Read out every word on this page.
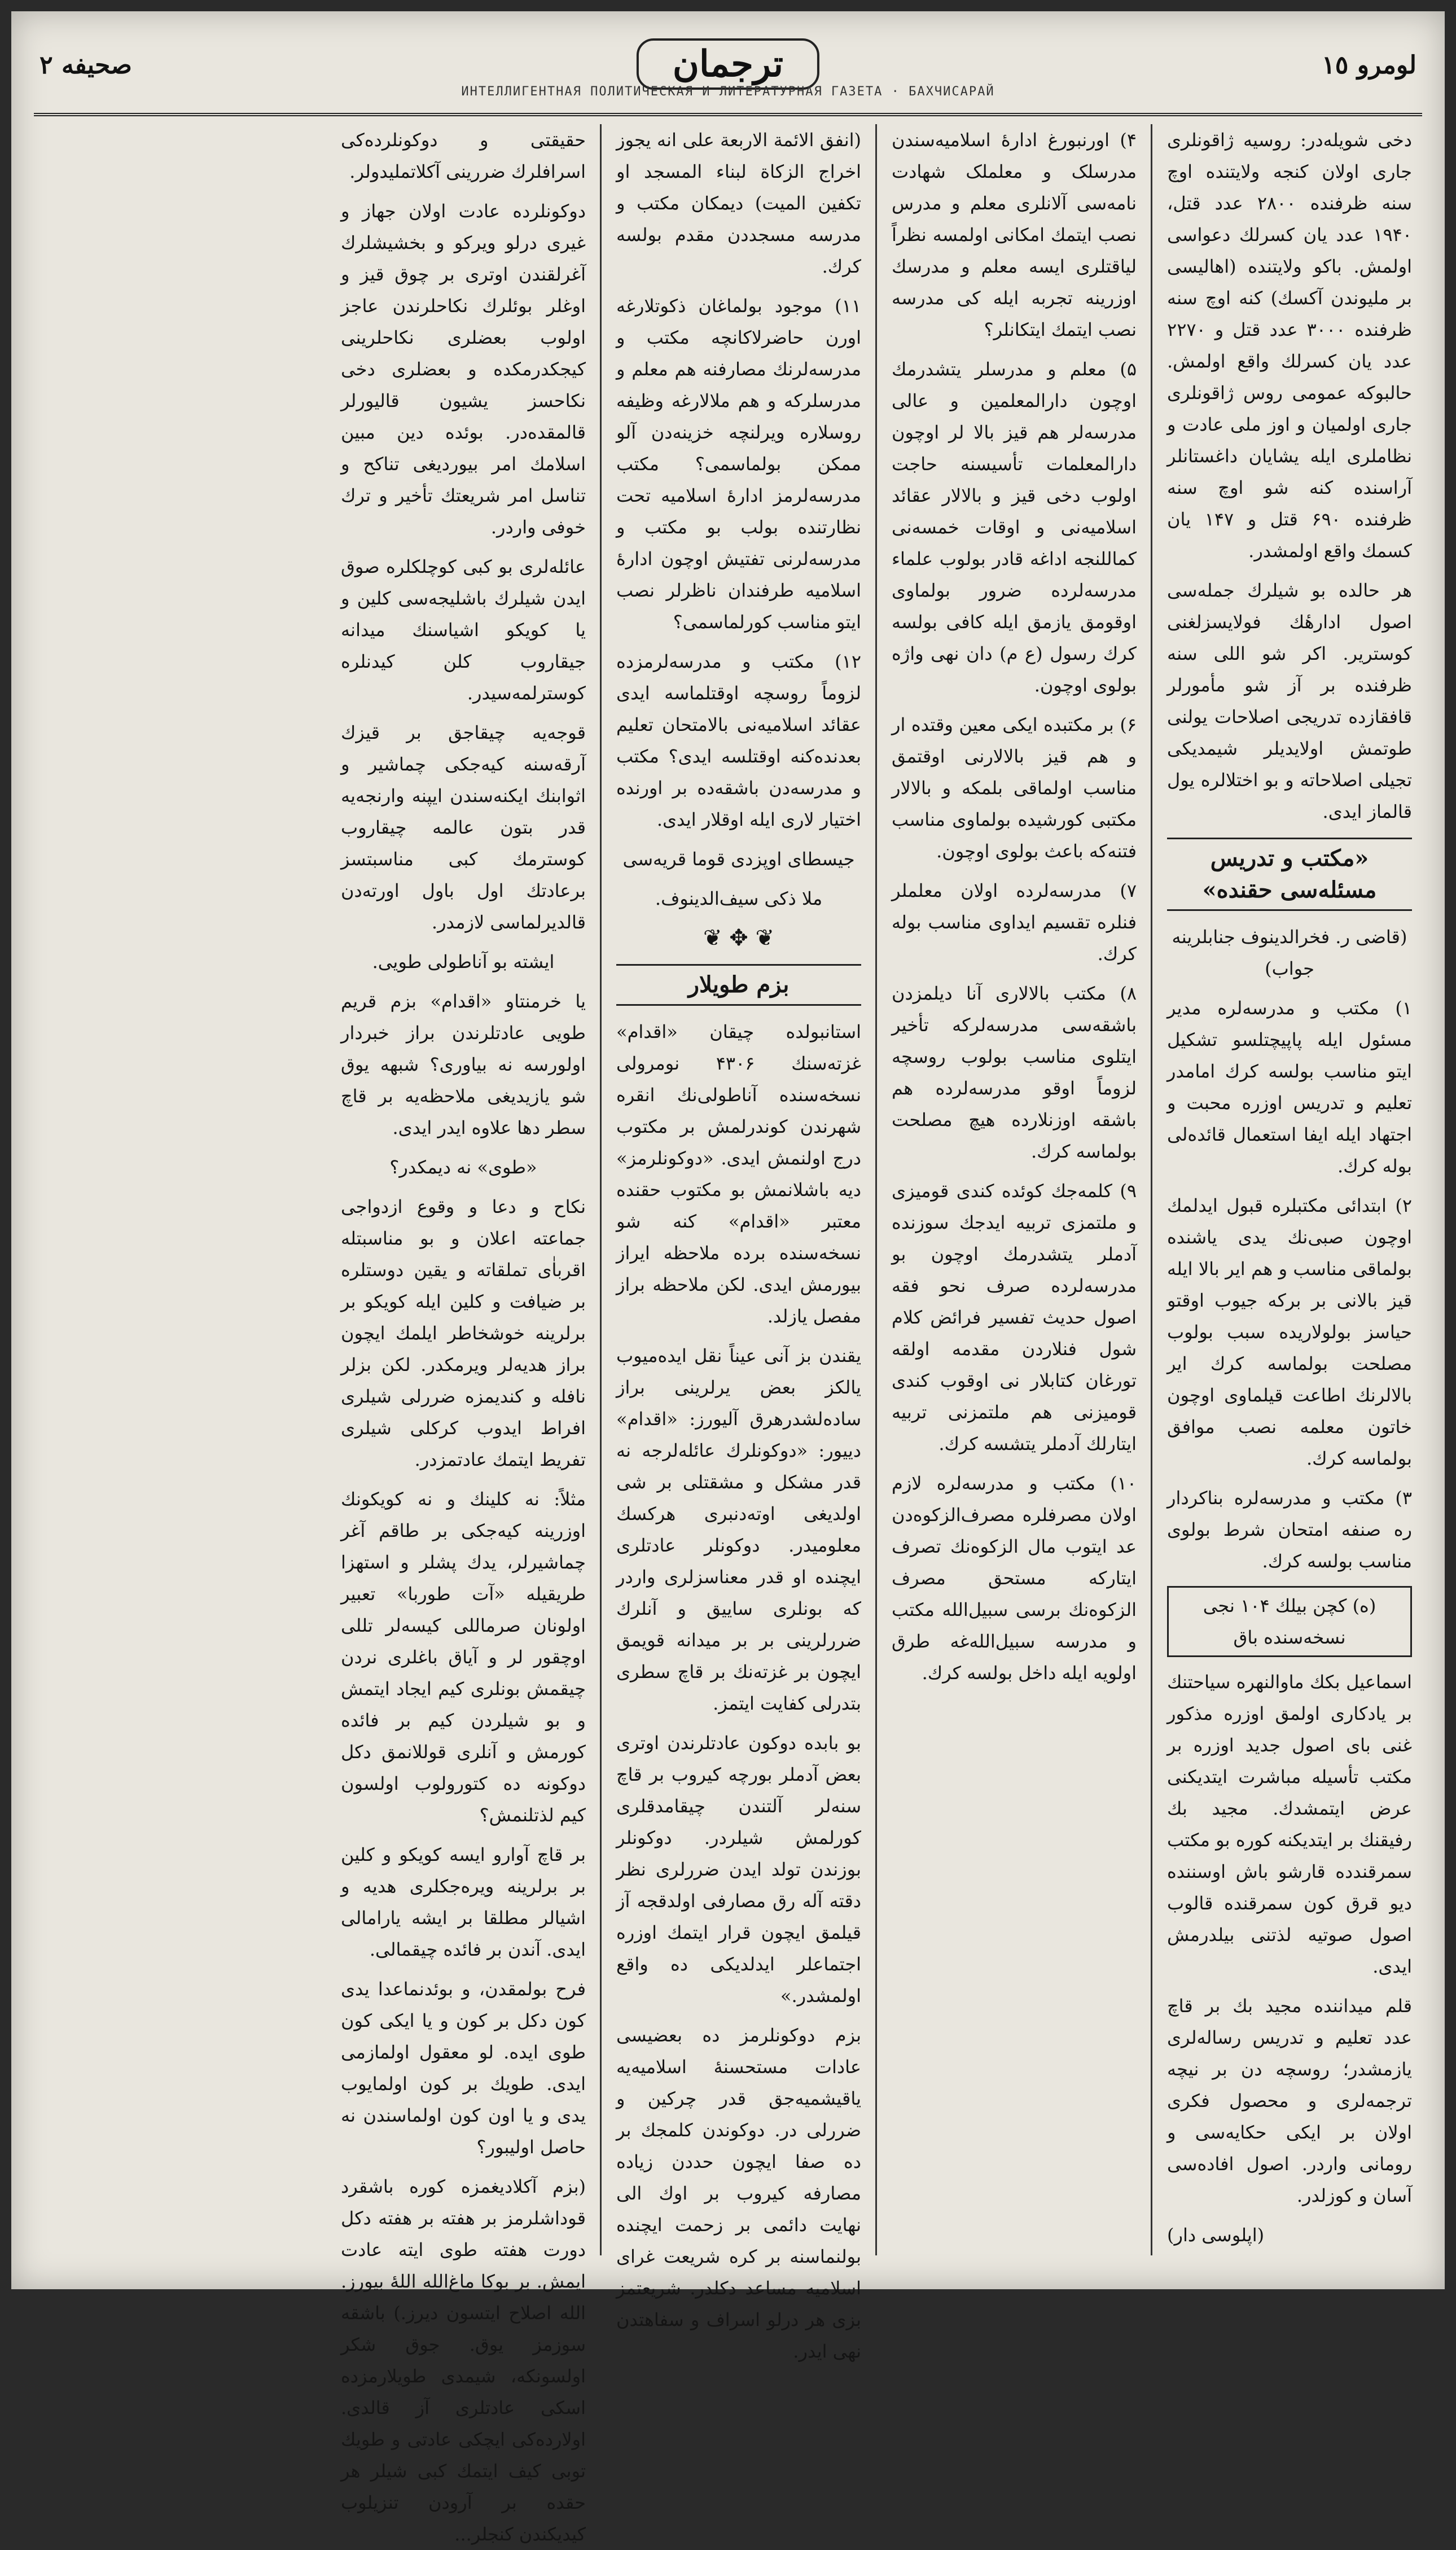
لومرو ١٥
ترجمان
صحيفه ٢
ИНТЕЛЛИГЕНТНАЯ ПОЛИТИЧЕСКАЯ И ЛИТЕРАТУРНАЯ ГАЗЕТА · БАХЧИСАРАЙ

دخی شویله‌در: روسیه ژاقونلری جاری اولان کنجه ولایتنده اوچ سنه ظرفنده ۲۸۰۰ عدد قتل، ۱۹۴۰ عدد یان کسرلك دعواسی اولمش. باکو ولایتنده (اهالیسی بر ملیوندن آکسك) کنه اوچ سنه ظرفنده ۳۰۰۰ عدد قتل و ۲۲۷۰ عدد یان کسرلك واقع اولمش. حالبوکه عمومی روس ژاقونلری جاری اولمیان و اوز ملی عادت و نظاملری ایله یشایان داغستانلر آراسنده کنه شو اوچ سنه ظرفنده ۶۹۰ قتل و ۱۴۷ یان کسمك واقع اولمشدر.

هر حالده بو شیلرك جمله‌سی اصول ادارهٔك فولایسزلغنی کوستریر. اکر شو اللی سنه ظرفنده بر آز شو مأمورلر قافقازده تدریجی اصلاحات یولنی طوتمش اولایدیلر شیمدیکی تجیلی اصلاحاته و بو اختلالره یول قالماز ایدی.

«مکتب و تدریس مسئله‌سی حقنده»

(قاضی ر. فخرالدینوف جنابلرینه جواب)

۱) مکتب و مدرسه‌لره مدیر مسئول ایله پاپیچتلسو تشکیل ایتو مناسب بولسه کرك امامدر تعلیم و تدریس اوزره محبت و اجتهاد ایله ایفا استعمال قائده‌لی بوله کرك.

۲) ابتدائی مکتبلره قبول ایدلمك اوچون صبی‌نك یدی یاشنده بولماقی مناسب و هم ایر بالا ایله قیز بالانی بر برکه جیوب اوقتو حیاسز بولولاریده سبب بولوب مصلحت بولماسه کرك ایر بالالرنك اطاعت قیلماوی اوچون خاتون معلمه نصب موافق بولماسه کرك.

۳) مکتب و مدرسه‌لره بناکردار ره صنفه امتحان شرط بولوی مناسب بولسه کرك.

(ه) کچن بیلك ۱۰۴ نجی نسخه‌سنده باق

اسماعیل بکك ماوالنهره سیاحتنك بر یادکاری اولمق اوزره مذکور غنی بای اصول جدید اوزره بر مکتب تأسیله مباشرت ایتدیکنی عرض ایتمشدك. مجید بك رفیقنك بر ایتدیکنه کوره بو مکتب سمرقندده قارشو باش اوسننده دیو قرق کون سمرقنده قالوب اصول صوتیه لذتنی بیلدرمش ایدی.

قلم میداننده مجید بك بر قاچ عدد تعلیم و تدریس رساله‌لری یازمشدر؛ روسچه دن بر نیچه ترجمه‌لری و محصول فکری اولان بر ایکی حکایه‌سی و رومانی واردر. اصول افاده‌سی آسان و کوزلدر.

(اپلوسی دار)

۴) اورنبورغ ادارهٔ اسلامیه‌سندن مدرسلک و معلملک شهادت نامه‌سی آلانلری معلم و مدرس نصب ایتمك امکانی اولمسه نظراً لیاقتلری ایسه معلم و مدرسك اوزرینه تجربه ایله کی مدرسه نصب ایتمك ایتکانلر؟

۵) معلم و مدرسلر یتشدرمك اوچون دارالمعلمین و عالی مدرسه‌لر هم قیز بالا لر اوچون دارالمعلمات تأسیسنه حاجت اولوب دخی قیز و بالالار عقائد اسلامیه‌نی و اوقات خمسه‌نی کماللنجه اداغه قادر بولوب علماء مدرسه‌لرده ضرور بولماوی اوقومق یازمق ایله کافی بولسه کرك رسول (ع م) دان نهی واژه بولوی اوچون.

۶) بر مکتبده ایکی معین وقتده ار و هم قیز بالالارنی اوقتمق مناسب اولماقی بلمکه و بالالار مکتبی کورشیده بولماوی مناسب فتنه‌که باعث بولوی اوچون.

۷) مدرسه‌لرده اولان معلملر فنلره تقسیم ایداوی مناسب بوله کرك.

۸) مکتب بالا‌لاری آنا دیلمزدن باشقه‌سی مدرسه‌لرکه تأخیر ایتلوی مناسب بولوب روسچه لزوماً اوقو مدرسه‌لرده هم باشقه اوزنلارده هیچ مصلحت بولماسه کرك.

۹) کلمه‌جك کوئده کندی قومیزی و ملتمزی تربیه ایدجك سوزنده آدملر یتشدرمك اوچون بو مدرسه‌لرده صرف نحو فقه اصول حدیث تفسیر فرائض کلام شول فنلاردن مقدمه اولقه تورغان کتابلار نی اوقوب کندی قومیزنی هم ملتمزنی تربیه ایتارلك آدملر یتشسه کرك.

۱۰) مکتب و مدرسه‌لره لازم اولان مصرفلره مصرف‌الزکوه‌دن عد ایتوب مال الزکوه‌نك تصرف ایتارکه مستحق مصرف الزکوه‌نك برسی سبیل‌الله مکتب و مدرسه سبیل‌الله‌غه طرق اولویه ایله داخل بولسه کرك.

(انفق الائمة الاربعة علی انه یجوز اخراج الزکاة لبناء المسجد او تکفین المیت) دیمکان مکتب و مدرسه مسجددن مقدم بولسه کرك.

۱۱) موجود بولماغان ذکوتلارغه اورن حاضرلاکانچه مکتب و مدرسه‌لرنك مصارفنه هم معلم و مدرسلرکه و هم ملالارغه وظیفه روسلاره ویرلنچه خزینه‌دن آلو ممکن بولماسمی؟ مکتب مدرسه‌لرمز ادارهٔ اسلامیه تحت نظارتنده بولب بو مکتب و مدرسه‌لرنی تفتیش اوچون ادارهٔ اسلامیه طرفندان ناظرلر نصب ایتو مناسب کورلماسمی؟

۱۲) مکتب و مدرسه‌لرمزده لزوماً روسچه اوقتلماسه ایدی عقائد اسلامیه‌نی بالامتحان تعلیم بعدنده‌کنه اوقتلسه ایدی؟ مکتب و مدرسه‌دن باشقه‌ده بر اورنده اختیار لاری ایله اوقلار ایدی.

جیسطای اوپزدی قوما قریه‌سی

ملا ذکی سیف‌الدینوف.

❦ ✥ ❦
بزم طویلار

استانبولده چیقان «اقدام» غزته‌سنك ۴۳۰۶ نومرولی نسخه‌سنده آناطولی‌نك انقره شهرندن کوندرلمش بر مکتوب درج اولنمش ایدی. «دوکونلرمز» دیه باشلانمش بو مکتوب حقنده معتبر «اقدام» کنه شو نسخه‌سنده برده ملاحظه ایراز بیورمش ایدی. لکن ملاحظه براز مفصل یازلد.

یقندن بز آنی عیناً نقل ایده‌میوب یالکز بعض یرلرینی براز ساده‌لشدرهرق آلیورز: «اقدام» دییور: «دوکونلرك عائله‌لرجه نه قدر مشکل و مشقتلی بر شی اولدیغی اوته‌دنبری هرکسك معلومیدر. دوکونلر عادتلری ایچنده او قدر معناسزلری واردر که بونلری ساییق و آنلرك ضررلرینی بر بر میدانه قویمق ایچون بر غزته‌نك بر قاچ سطری بتدرلی کفایت ایتمز.

بو بابده دوکون عادتلرندن اوتری بعض آدملر بورچه کیروب بر قاچ سنه‌لر آلتندن چیقامدقلری کورلمش شیلردر. دوکونلر بوزندن تولد ایدن ضررلری نظر دقته آله رق مصارفی اولدقجه آز قیلمق ایچون قرار ایتمك اوزره اجتماعلر ایدلدیکی ده واقع اولمشدر.»

بزم دوکونلرمز ده بعضیسی عادات مستحسنهٔ اسلامیه‌یه یاقیشمیه‌جق قدر چرکین و ضررلی در. دوکوندن کلمجك بر ده صفا ایچون حددن زیاده مصارفه کیروب بر اوك الی نهایت دائمی بر زحمت ایچنده بولنماسنه بر کره شریعت غرای اسلامیه مساعد دکلدر. شریعتمز بزی هر درلو اسراف و سفاهتدن نهی ایدر.

حقیقتی و دوکونلرده‌کی اسرافلرك ضررینی آکلاتملیدولر.

دوکونلرده عادت اولان جهاز و غیری درلو ویرکو و بخشیشلرك آغرلقندن اوتری بر چوق قیز و اوغلر بوئلرك نکاحلرندن عاجز اولوب بعضلری نکاحلرینی کیجکدرمکده و بعضلری دخی نکاحسز یشیون قالیورلر قالمقده‌در. بوئده دین مبین اسلامك امر بیوردیغی تناکح و تناسل امر شریعتك تأخیر و ترك خوفی واردر.

عائله‌لری بو کبی کوچلکلره صوق ایدن شیلرك باشلیجه‌سی کلین و یا کویکو اشیاسنك میدانه جیقاروب کلن کیدنلره کوسترلمه‌سیدر.

قوجه‌یه چیقاجق بر قیزك آرقه‌سنه کیه‌جکی چماشیر و اثوابنك ایکنه‌سندن ایپنه وارنجه‌یه قدر بتون عالمه چیقاروب کوسترمك کبی مناسبتسز برعادتك اول باول اورته‌دن قالدیرلماسی لازمدر.

ایشته بو آناطولی طویی.

یا خرمنتاو «اقدام» بزم قریم طویی عادتلرندن براز خبردار اولورسه نه بیاوری؟ شبهه یوق شو یازیدیغی ملاحظه‌یه بر قاچ سطر دها علاوه ایدر ایدی.

«طوی» نه دیمکدر؟

نکاح و دعا و وقوع ازدواجی جماعته اعلان و بو مناسبتله اقرباٰی تملقاته و یقین دوستلره بر ضیافت و کلین ایله کویکو بر برلرینه خوشخاطر ایلمك ایچون براز هدیه‌لر ویرمکدر. لکن بزلر نافله و کندیمزه ضررلی شیلری افراط ایدوب کرکلی شیلری تفریط ایتمك عادتمزدر.

مثلاً: نه کلینك و نه کویکونك اوزرینه کیه‌جکی بر طاقم آغر چماشیرلر، یدك پشلر و استهزا طریقیله «آت طوربا» تعبیر اولونان صرماللی کیسه‌لر تللی اوچقور لر و آیاق باغلری نردن چیقمش بونلری کیم ایجاد ایتمش و بو شیلردن کیم بر فائده کورمش و آنلری قوللانمق دکل دوکونه ده کتورولوب اولسون کیم لذتلنمش؟

بر قاچ آوارو ایسه کویکو و کلین بر برلرینه ویره‌جکلری هدیه و اشیالر مطلقا بر ایشه یارامالی ایدی. آندن بر فائده چیقمالی.

فرح بولمقدن، و بوئدنماعدا یدی کون دکل بر کون و یا ایکی کون طوی ایده. لو معقول اولمازمی ایدی. طویك بر کون اولمایوب یدی و یا اون کون اولماسندن نه حاصل اولیبور؟

(بزم آکلادیغمزه کوره باشقرد قوداشلرمز بر هفته بر هفته دکل دورت هفته طوی ایته عادت ایمش. بر بوکا ماغ‌الله اللهٔ بیورز. الله اصلاح ایتسون دیرز.) باشقه سوزمز یوق. جوق شکر اولسونکه، شیمدی طویلارمزده اسکی عادتلری آز قالدی. اولارده‌کی ایچکی عادتی و طویك توبی کیف ایتمك کبی شیلر هر حقده بر آرودن تنزیلوب کیدیکندن کنجلر...
